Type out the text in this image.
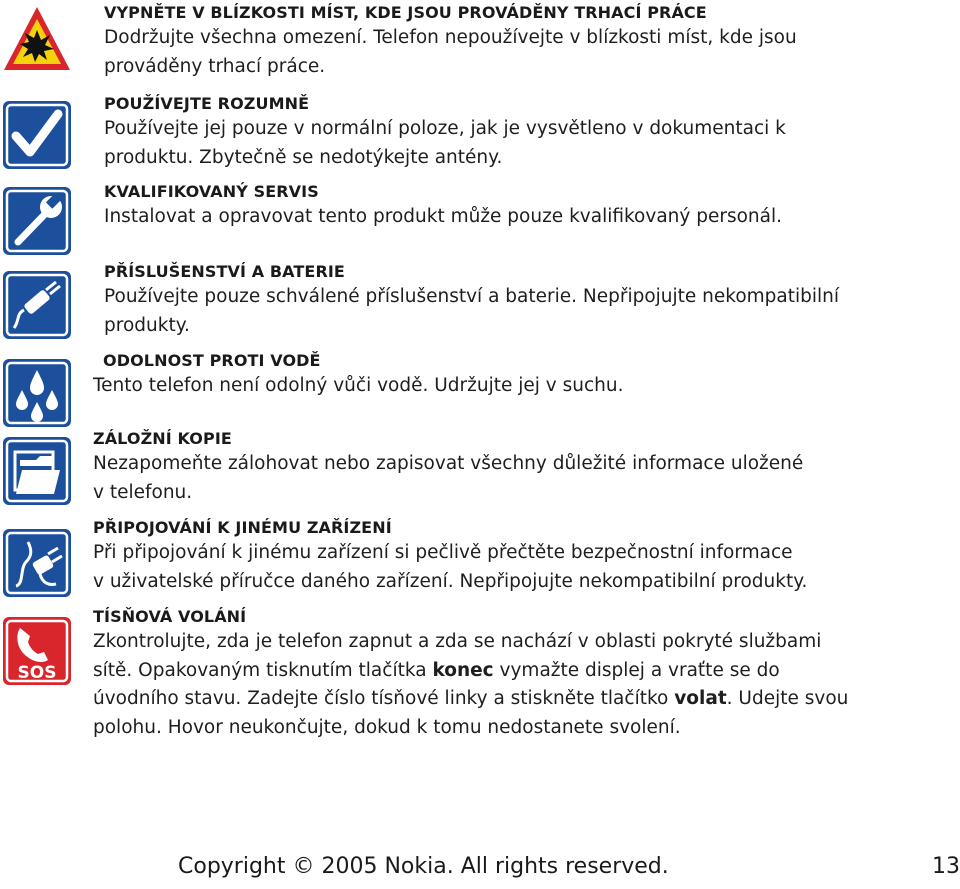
VYPNĚTE V BLÍZKOSTI MÍST, KDE JSOU PROVÁDĚNY TRHACÍ PRÁCE

Dodržujte všechna omezení. Telefon nepoužívejte v blízkosti míst, kde jsou

prováděny trhací práce.

POUŽÍVEJTE ROZUMNĚ

Používejte jej pouze v normální poloze, jak je vysvětleno v dokumentaci k

produktu. Zbytečně se nedotýkejte antény.

KVALIFIKOVANÝ SERVIS

Instalovat a opravovat tento produkt může pouze kvalifikovaný personál.

PŘÍSLUŠENSTVÍ A BATERIE

Používejte pouze schválené příslušenství a baterie. Nepřipojujte nekompatibilní

produkty.

ODOLNOST PROTI VODĚ

Tento telefon není odolný vůči vodě. Udržujte jej v suchu.

ZÁLOŽNÍ KOPIE

Nezapomeňte zálohovat nebo zapisovat všechny důležité informace uložené

v telefonu.

PŘIPOJOVÁNÍ K JINÉMU ZAŘÍZENÍ

Při připojování k jinému zařízení si pečlivě přečtěte bezpečnostní informace

v uživatelské příručce daného zařízení. Nepřipojujte nekompatibilní produkty.

SOS
TÍSŇOVÁ VOLÁNÍ

Zkontrolujte, zda je telefon zapnut a zda se nachází v oblasti pokryté službami

sítě. Opakovaným tisknutím tlačítka konec vymažte displej a vraťte se do

úvodního stavu. Zadejte číslo tísňové linky a stiskněte tlačítko volat. Udejte svou

polohu. Hovor neukončujte, dokud k tomu nedostanete svolení.

Copyright © 2005 Nokia. All rights reserved.	13
